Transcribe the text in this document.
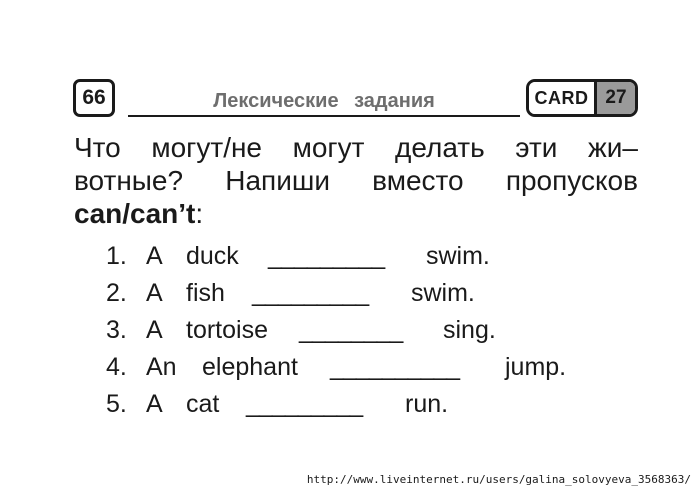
66	Лексические задания	CARD 27
Что могут/не могут делать эти жи–
вотные? Напиши вместо пропусков
can/can’t :
1. A duck _________ swim.
2. A fish _________ swim.
3. A tortoise ________ sing.
4. An elephant __________ jump.
5. A cat _________ run.
http://www.liveinternet.ru/users/galina_solovyeva_3568363/
